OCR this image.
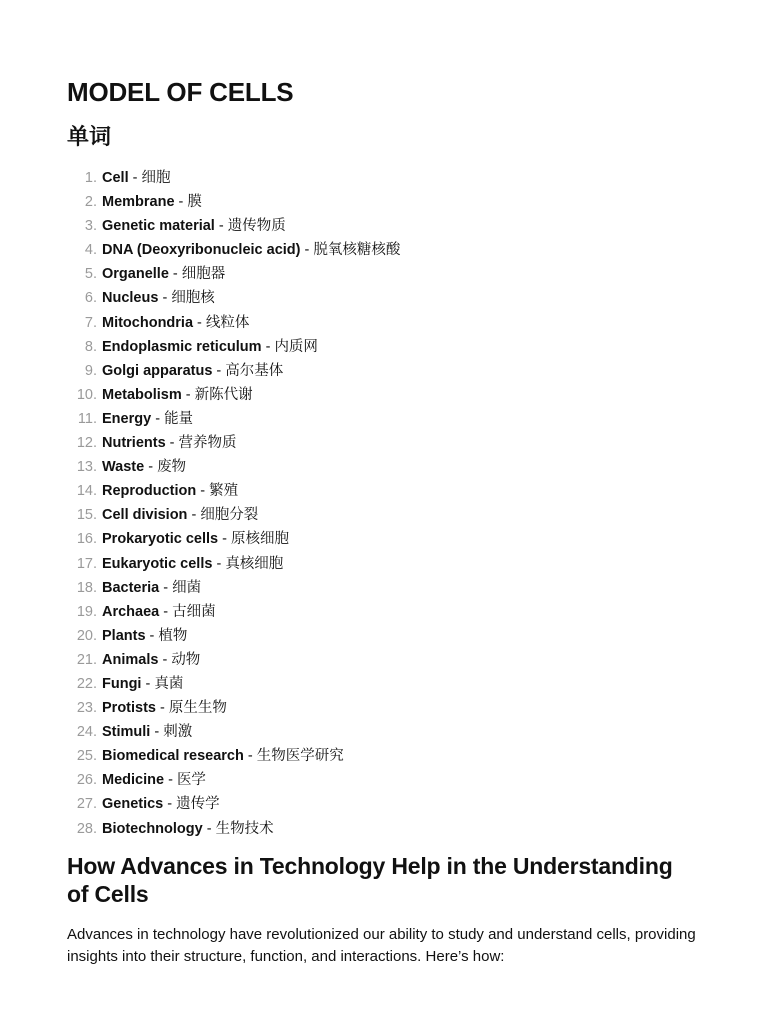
MODEL OF CELLS
单词
1. Cell - 细胞
2. Membrane - 膜
3. Genetic material - 遗传物质
4. DNA (Deoxyribonucleic acid) - 脱氧核糖核酸
5. Organelle - 细胞器
6. Nucleus - 细胞核
7. Mitochondria - 线粒体
8. Endoplasmic reticulum - 内质网
9. Golgi apparatus - 高尔基体
10. Metabolism - 新陈代谢
11. Energy - 能量
12. Nutrients - 营养物质
13. Waste - 废物
14. Reproduction - 繁殖
15. Cell division - 细胞分裂
16. Prokaryotic cells - 原核细胞
17. Eukaryotic cells - 真核细胞
18. Bacteria - 细菌
19. Archaea - 古细菌
20. Plants - 植物
21. Animals - 动物
22. Fungi - 真菌
23. Protists - 原生生物
24. Stimuli - 刺激
25. Biomedical research - 生物医学研究
26. Medicine - 医学
27. Genetics - 遗传学
28. Biotechnology - 生物技术
How Advances in Technology Help in the Understanding of Cells

Advances in technology have revolutionized our ability to study and understand cells, providing insights into their structure, function, and interactions. Here’s how:
